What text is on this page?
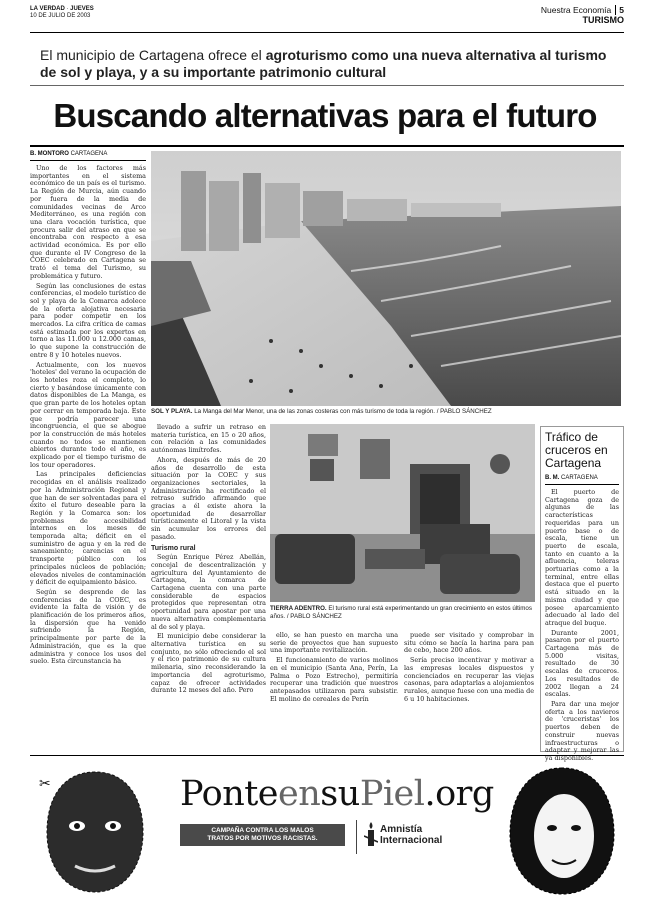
LA VERDAD · JUEVES
10 DE JULIO DE 2003
Nuestra Economía 5
TURISMO
El municipio de Cartagena ofrece el agroturismo como una nueva alternativa al turismo
de sol y playa, y a su importante patrimonio cultural
Buscando alternativas para el futuro
B. MONTORO CARTAGENA

Uno de los factores más importantes en el sistema económico de un país es el turismo. La Región de Murcia, aún cuando por fuera de la media de comunidades vecinas de Arco Mediterráneo, es una región con una clara vocación turística, que procura salir del atraso en que se encontraba con respecto a esa actividad económica. Es por ello que durante el IV Congreso de la COEC celebrado en Cartagena se trató el tema del Turismo, su problemática y futuro.

Según las conclusiones de estas conferencias, el modelo turístico de sol y playa de la Comarca adolece de la oferta alojativa necesaria para poder competir en los mercados. La cifra crítica de camas está estimada por los expertos en torno a las 11.000 u 12.000 camas, lo que supone la construcción de entre 8 y 10 hoteles nuevos.

Actualmente, con los nuevos 'hoteles' del verano la ocupación de los hoteles roza el completo, lo cierto y basándose únicamente con datos disponibles de La Manga, es que gran parte de los hoteles optan por cerrar en temporada baja. Este que podría parecer una incongruencia, el que se abogue por la construcción de más hoteles cuando no todos se mantienen abiertos durante todo el año, es explicado por el tiempo turismo de los tour operadores.

Las principales deficiencias recogidas en el análisis realizado por la Administración Regional y que han de ser solventadas para el éxito el futuro deseable para la Región y la Comarca son: los problemas de accesibilidad internos en los meses de temporada alta; déficit en el suministro de agua y en la red de saneamiento; carencias en el transporte público con los principales núcleos de población; elevados niveles de contaminación y déficit de equipamiento básico.

Según se desprende de las conferencias de la COEC, es evidente la falta de visión y de planificación de los primeros años, la dispersión que ha venido sufriendo la Región, principalmente por parte de la Administración, que es la que administra y conoce los usos del suelo. Esta circunstancia ha

SOL Y PLAYA. La Manga del Mar Menor, una de las zonas costeras con más turismo de toda la región. / PABLO SÁNCHEZ

llevado a sufrir un retraso en materia turística, en 15 o 20 años, con relación a las comunidades autónomas limítrofes.

Ahora, después de más de 20 años de desarrollo de esta situación por la COEC y sus organizaciones sectoriales, la Administración ha rectificado el retraso sufrido afirmando que gracias a él existe ahora la oportunidad de desarrollar turísticamente el Litoral y la vista sin acumular los errores del pasado.

Turismo rural

Según Enrique Pérez Abellán, concejal de descentralización y agricultura del Ayuntamiento de Cartagena, la comarca de Cartagena cuenta con una parte considerable de espacios protegidos que representan otra oportunidad para apostar por una nueva alternativa complementaria al de sol y playa.

El municipio debe considerar la alternativa turística en su conjunto, no sólo ofreciendo el sol y el rico patrimonio de su cultura milenaria, sino reconsiderando la importancia del agroturismo, capaz de ofrecer actividades durante 12 meses del año. Pero

TIERRA ADENTRO. El turismo rural está experimentando un gran crecimiento en estos últimos años. / PABLO SÁNCHEZ

ello, se han puesto en marcha una serie de proyectos que han supuesto una importante revitalización.

El funcionamiento de varios molinos en el municipio (Santa Ana, Perín, La Palma o Pozo Estrecho), permitiría recuperar una tradición que nuestros antepasados utilizaron para subsistir. El molino de cereales de Perín

puede ser visitado y comprobar in situ cómo se hacía la harina para pan de cebo, hace 200 años.

Sería preciso incentivar y motivar a las empresas locales dispuestos y concienciados en recuperar las viejas casonas, para adaptarlas a alojamientos rurales, aunque fuese con una media de 6 u 10 habitaciones.

Tráfico de cruceros en Cartagena
B. M. CARTAGENA

El puerto de Cartagena goza de algunas de las características requeridas para un puerto base o de escala, tiene un puerto de escala, tanto en cuanto a la afluencia, teleras portuarias como a la terminal, entre ellas destaca que el puerto está situado en la misma ciudad y que posee aparcamiento adecuado al lado del atraque del buque.

Durante 2001, pasaron por el puerto Cartagena más de 5.000 visitas, resultado de 30 escalas de cruceros. Los resultados de 2002 llegan a 24 escalas.

Para dar una mejor oferta a los navieros de 'cruceristas' los puertos deben de construir nuevas infraestructuras o adaptar y mejorar las ya disponibles.

✂	PonteensuPiel.org
CAMPAÑA CONTRA LOS MALOS
TRATOS POR MOTIVOS RACISTAS.
Amnistía
Internacional
